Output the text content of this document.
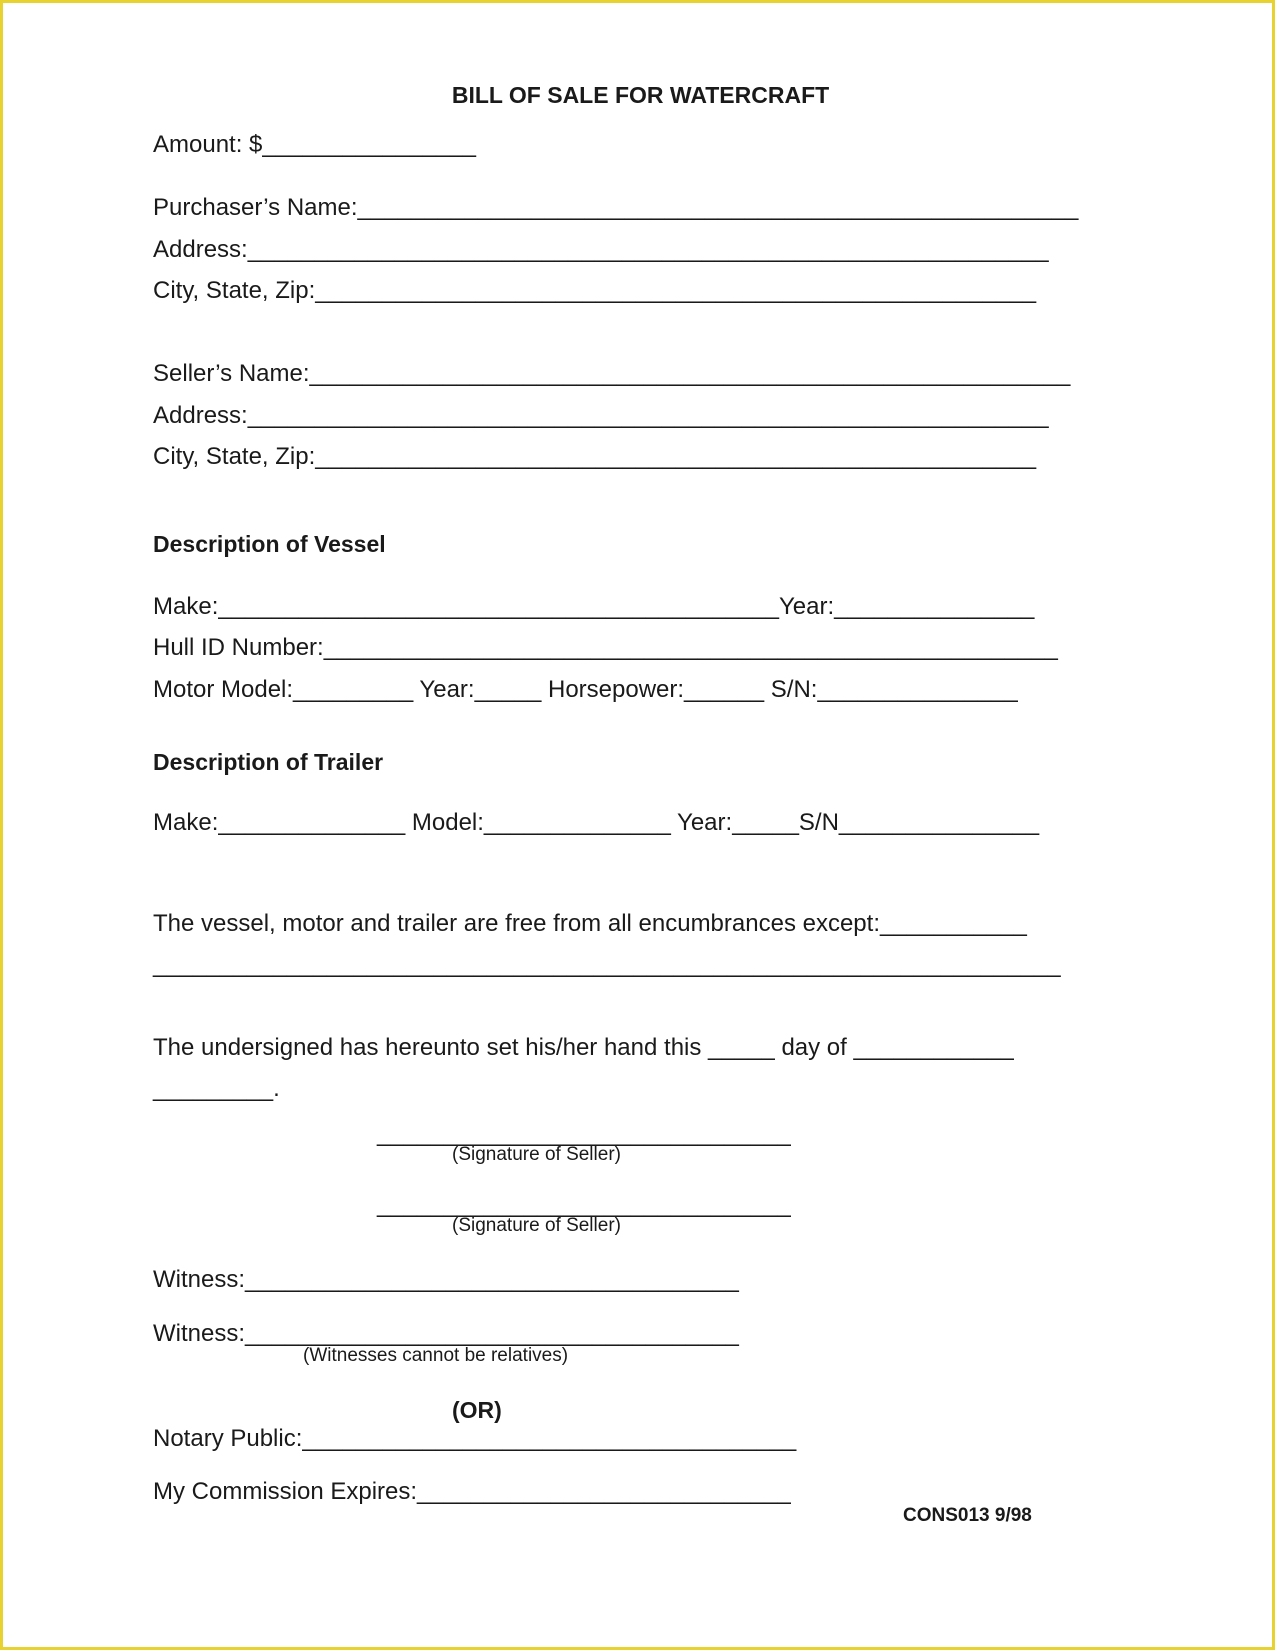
BILL OF SALE FOR WATERCRAFT
Amount: $________________
Purchaser’s Name:______________________________________________________
Address:____________________________________________________________
City, State, Zip:______________________________________________________
Seller’s Name:_________________________________________________________
Address:____________________________________________________________
City, State, Zip:______________________________________________________
Description of Vessel
Make:__________________________________________Year:_______________
Hull ID Number:_______________________________________________________
Motor Model:_________ Year:_____ Horsepower:______ S/N:_______________
Description of Trailer
Make:______________ Model:______________ Year:_____S/N_______________
The vessel, motor and trailer are free from all encumbrances except:___________
____________________________________________________________________
The undersigned has hereunto set his/her hand this _____ day of ____________
_________.
_______________________________
(Signature of Seller)
_______________________________
(Signature of Seller)
Witness:_____________________________________
Witness:_____________________________________
(Witnesses cannot be relatives)
(OR)
Notary Public:_____________________________________
My Commission Expires:____________________________
CONS013 9/98
